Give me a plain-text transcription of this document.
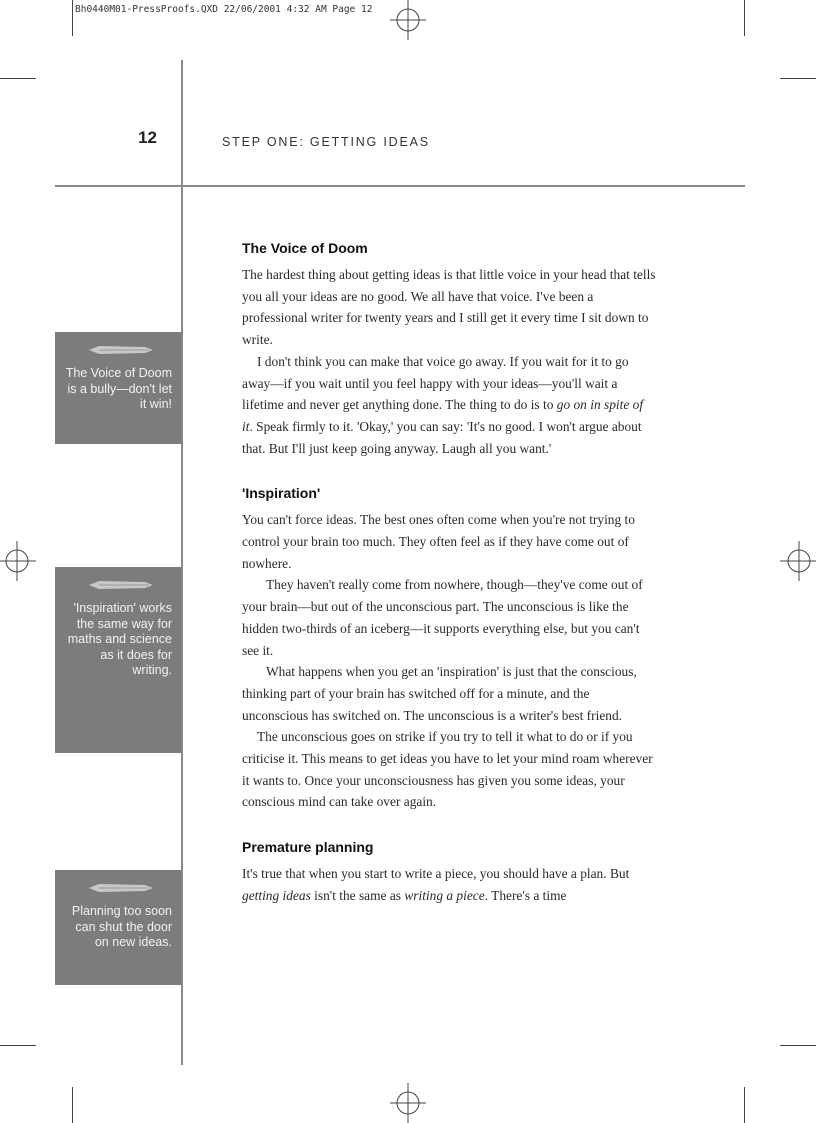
Bh0440M01-PressProofs.QXD 22/06/2001 4:32 AM Page 12
12	STEP ONE: GETTING IDEAS
The Voice of Doom is a bully—don't let it win!
'Inspiration' works the same way for maths and science as it does for writing.
Planning too soon can shut the door on new ideas.
The Voice of Doom

The hardest thing about getting ideas is that little voice in your head that tells you all your ideas are no good. We all have that voice. I've been a professional writer for twenty years and I still get it every time I sit down to write.

I don't think you can make that voice go away. If you wait for it to go away—if you wait until you feel happy with your ideas—you'll wait a lifetime and never get anything done. The thing to do is to go on in spite of it. Speak firmly to it. 'Okay,' you can say: 'It's no good. I won't argue about that. But I'll just keep going anyway. Laugh all you want.'

'Inspiration'

You can't force ideas. The best ones often come when you're not trying to control your brain too much. They often feel as if they have come out of nowhere.

They haven't really come from nowhere, though—they've come out of your brain—but out of the unconscious part. The unconscious is like the hidden two-thirds of an iceberg—it supports everything else, but you can't see it.

What happens when you get an 'inspiration' is just that the conscious, thinking part of your brain has switched off for a minute, and the unconscious has switched on. The unconscious is a writer's best friend.

The unconscious goes on strike if you try to tell it what to do or if you criticise it. This means to get ideas you have to let your mind roam wherever it wants to. Once your unconsciousness has given you some ideas, your conscious mind can take over again.

Premature planning

It's true that when you start to write a piece, you should have a plan. But getting ideas isn't the same as writing a piece. There's a time
